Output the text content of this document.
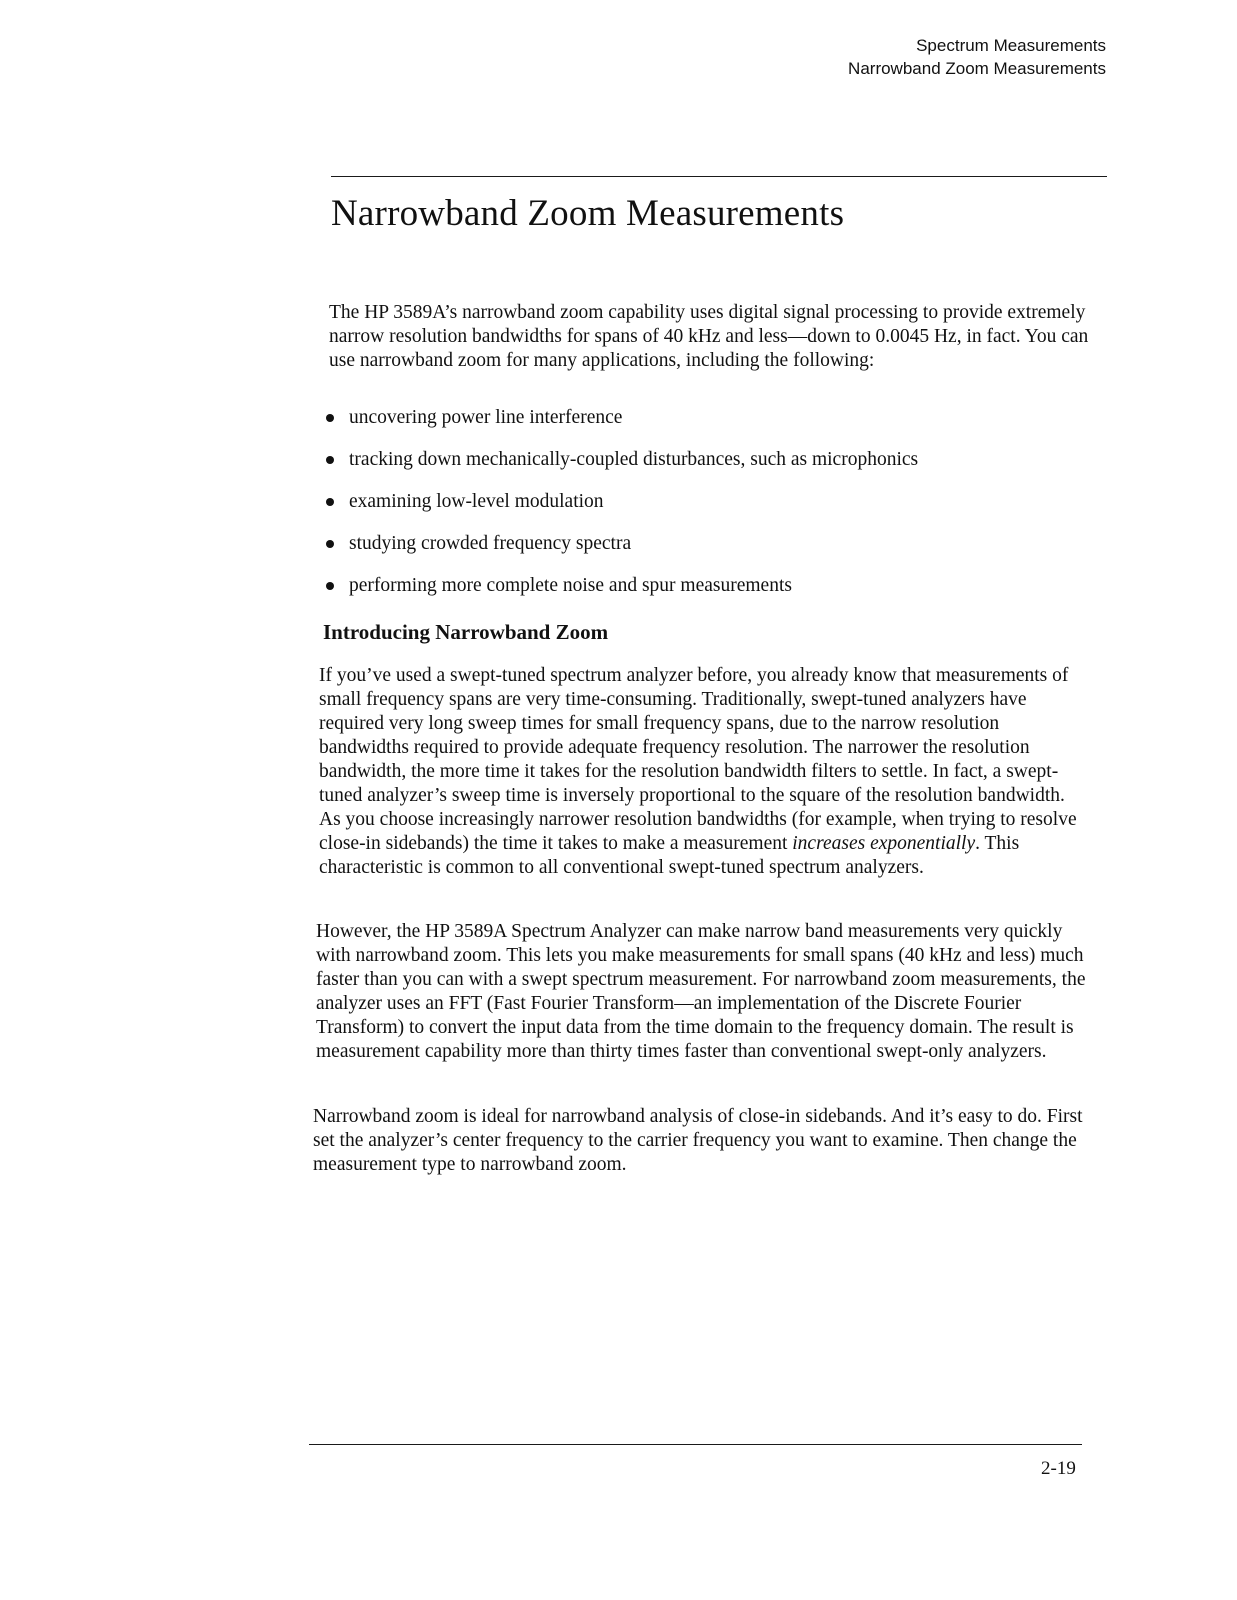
Spectrum Measurements
Narrowband Zoom Measurements
Narrowband Zoom Measurements

The HP 3589A’s narrowband zoom capability uses digital signal processing to provide extremely narrow resolution bandwidths for spans of 40 kHz and less—down to 0.0045 Hz, in fact. You can use narrowband zoom for many applications, including the following:

uncovering power line interference
tracking down mechanically-coupled disturbances, such as microphonics
examining low-level modulation
studying crowded frequency spectra
performing more complete noise and spur measurements
Introducing Narrowband Zoom

If you’ve used a swept-tuned spectrum analyzer before, you already know that measurements of small frequency spans are very time-consuming. Traditionally, swept-tuned analyzers have required very long sweep times for small frequency spans, due to the narrow resolution bandwidths required to provide adequate frequency resolution. The narrower the resolution bandwidth, the more time it takes for the resolution bandwidth filters to settle. In fact, a swept-tuned analyzer’s sweep time is inversely proportional to the square of the resolution bandwidth. As you choose increasingly narrower resolution bandwidths (for example, when trying to resolve close-in sidebands) the time it takes to make a measurement increases exponentially. This characteristic is common to all conventional swept-tuned spectrum analyzers.

However, the HP 3589A Spectrum Analyzer can make narrow band measurements very quickly with narrowband zoom. This lets you make measurements for small spans (40 kHz and less) much faster than you can with a swept spectrum measurement. For narrowband zoom measurements, the analyzer uses an FFT (Fast Fourier Transform—an implementation of the Discrete Fourier Transform) to convert the input data from the time domain to the frequency domain. The result is measurement capability more than thirty times faster than conventional swept-only analyzers.

Narrowband zoom is ideal for narrowband analysis of close-in sidebands. And it’s easy to do. First set the analyzer’s center frequency to the carrier frequency you want to examine. Then change the measurement type to narrowband zoom.

2-19
